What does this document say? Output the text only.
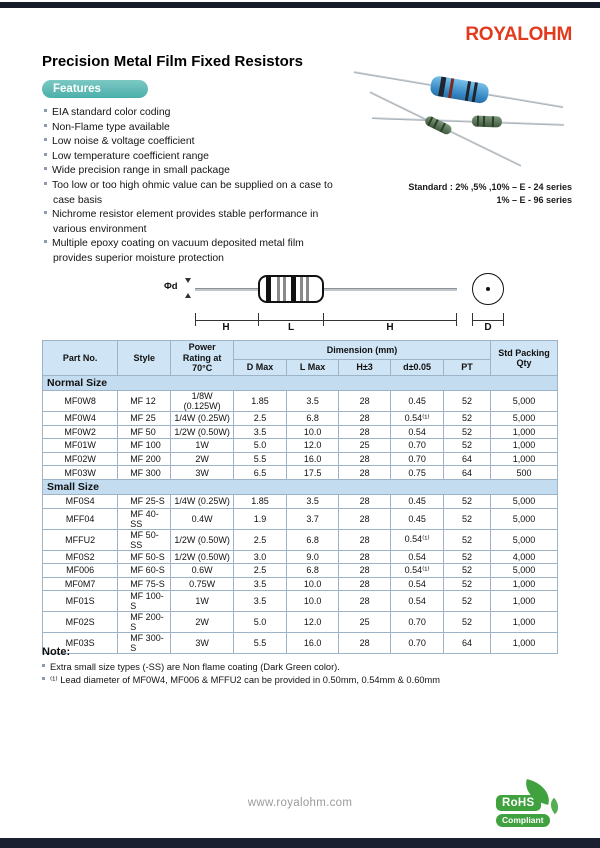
ROYALOHM
Precision Metal Film Fixed Resistors
Features
EIA standard color coding
Non-Flame type available
Low noise & voltage coefficient
Low temperature coefficient range
Wide precision range in small package
Too low or too high ohmic value can be supplied on a case to case basis
Nichrome resistor element provides stable performance in various environment
Multiple epoxy coating on vacuum deposited metal film provides superior moisture protection
Standard : 2% ,5% ,10% – E - 24 series
1% – E - 96 series
Φd
H	L	H	D
Part No.	Style	Power Rating at 70°C	Dimension (mm)					Std Packing Qty
			D Max	L Max	H±3	d±0.05	PT	
Normal Size								
MF0W8	MF 12	1/8W (0.125W)	1.85	3.5	28	0.45	52	5,000
MF0W4	MF 25	1/4W (0.25W)	2.5	6.8	28	0.54⁽¹⁾	52	5,000
MF0W2	MF 50	1/2W (0.50W)	3.5	10.0	28	0.54	52	1,000
MF01W	MF 100	1W	5.0	12.0	25	0.70	52	1,000
MF02W	MF 200	2W	5.5	16.0	28	0.70	64	1,000
MF03W	MF 300	3W	6.5	17.5	28	0.75	64	500
Small Size								
MF0S4	MF 25-S	1/4W (0.25W)	1.85	3.5	28	0.45	52	5,000
MFF04	MF 40-SS	0.4W	1.9	3.7	28	0.45	52	5,000
MFFU2	MF 50-SS	1/2W (0.50W)	2.5	6.8	28	0.54⁽¹⁾	52	5,000
MF0S2	MF 50-S	1/2W (0.50W)	3.0	9.0	28	0.54	52	4,000
MF006	MF 60-S	0.6W	2.5	6.8	28	0.54⁽¹⁾	52	5,000
MF0M7	MF 75-S	0.75W	3.5	10.0	28	0.54	52	1,000
MF01S	MF 100-S	1W	3.5	10.0	28	0.54	52	1,000
MF02S	MF 200-S	2W	5.0	12.0	25	0.70	52	1,000
MF03S	MF 300-S	3W	5.5	16.0	28	0.70	64	1,000
Note:
Extra small size types (-SS) are Non flame coating (Dark Green color).
⁽¹⁾ Lead diameter of MF0W4, MF006 & MFFU2 can be provided in 0.50mm, 0.54mm & 0.60mm
www.royalohm.com	RoHS
Compliant
